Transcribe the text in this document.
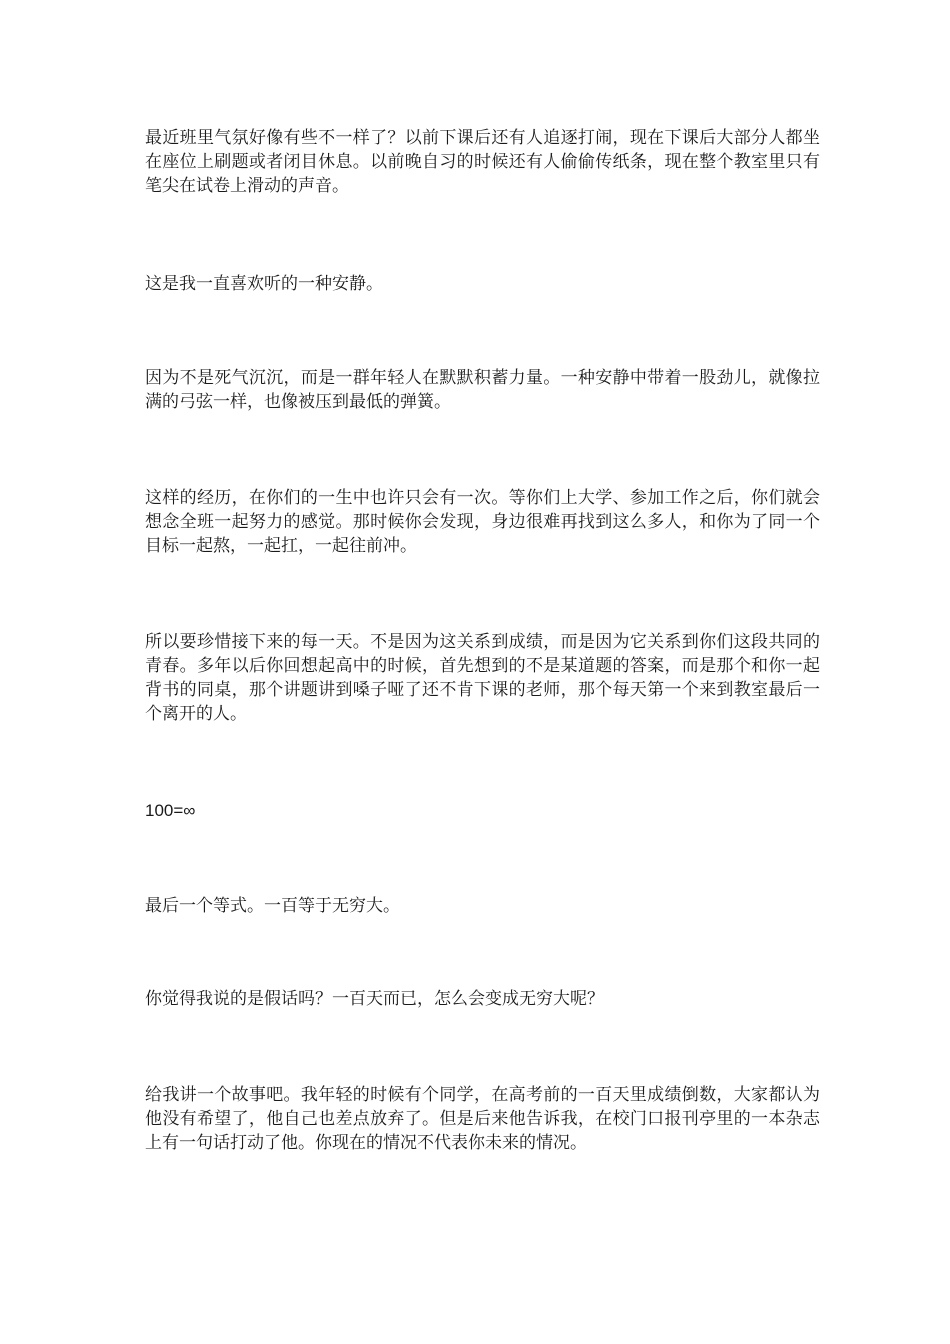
最近班里气氛好像有些不一样了？以前下课后还有人追逐打闹，现在下课后大部分人都坐在座位上刷题或者闭目休息。以前晚自习的时候还有人偷偷传纸条，现在整个教室里只有笔尖在试卷上滑动的声音。

这是我一直喜欢听的一种安静。

因为不是死气沉沉，而是一群年轻人在默默积蓄力量。一种安静中带着一股劲儿，就像拉满的弓弦一样，也像被压到最低的弹簧。

这样的经历，在你们的一生中也许只会有一次。等你们上大学、参加工作之后，你们就会想念全班一起努力的感觉。那时候你会发现，身边很难再找到这么多人，和你为了同一个目标一起熬，一起扛，一起往前冲。

所以要珍惜接下来的每一天。不是因为这关系到成绩，而是因为它关系到你们这段共同的青春。多年以后你回想起高中的时候，首先想到的不是某道题的答案，而是那个和你一起背书的同桌，那个讲题讲到嗓子哑了还不肯下课的老师，那个每天第一个来到教室最后一个离开的人。

100=∞

最后一个等式。一百等于无穷大。

你觉得我说的是假话吗？一百天而已，怎么会变成无穷大呢？

给我讲一个故事吧。我年轻的时候有个同学，在高考前的一百天里成绩倒数，大家都认为他没有希望了，他自己也差点放弃了。但是后来他告诉我，在校门口报刊亭里的一本杂志上有一句话打动了他。你现在的情况不代表你未来的情况。
